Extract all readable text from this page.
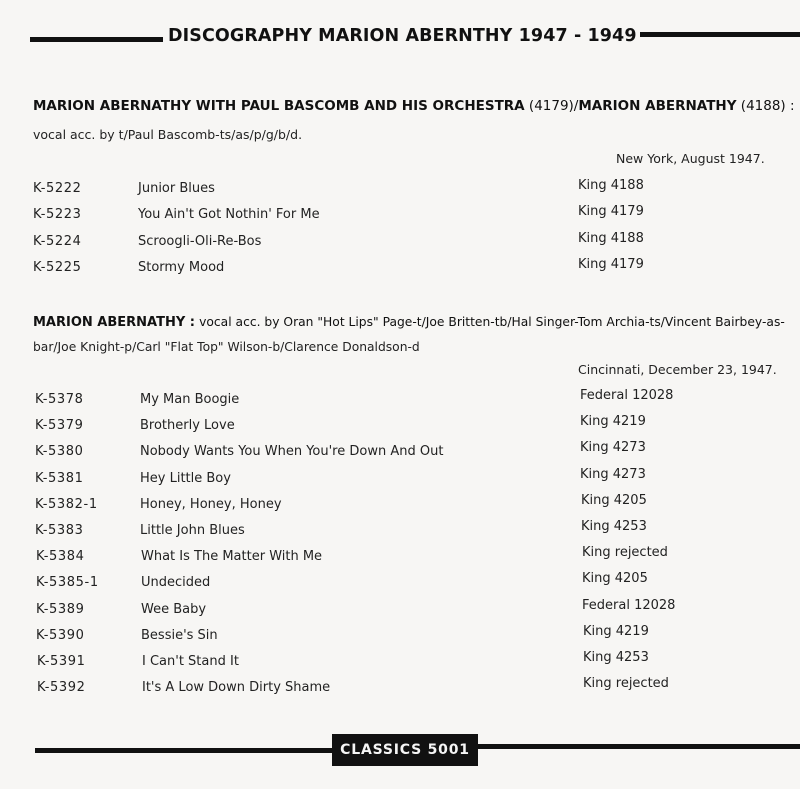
DISCOGRAPHY MARION ABERNTHY 1947 - 1949
MARION ABERNATHY WITH PAUL BASCOMB AND HIS ORCHESTRA (4179)/MARION ABERNATHY (4188) :
vocal acc. by t/Paul Bascomb-ts/as/p/g/b/d.
New York, August 1947.
K-5222	Junior Blues	King 4188
K-5223	You Ain't Got Nothin' For Me	King 4179
K-5224	Scroogli-Oli-Re-Bos	King 4188
K-5225	Stormy Mood	King 4179
MARION ABERNATHY : vocal acc. by Oran "Hot Lips" Page-t/Joe Britten-tb/Hal Singer-Tom Archia-ts/Vincent Bairbey-as-
bar/Joe Knight-p/Carl "Flat Top" Wilson-b/Clarence Donaldson-d
Cincinnati, December 23, 1947.
K-5378	My Man Boogie	Federal 12028
K-5379	Brotherly Love	King 4219
K-5380	Nobody Wants You When You're Down And Out	King 4273
K-5381	Hey Little Boy	King 4273
K-5382-1	Honey, Honey, Honey	King 4205
K-5383	Little John Blues	King 4253
K-5384	What Is The Matter With Me	King rejected
K-5385-1	Undecided	King 4205
K-5389	Wee Baby	Federal 12028
K-5390	Bessie's Sin	King 4219
K-5391	I Can't Stand It	King 4253
K-5392	It's A Low Down Dirty Shame	King rejected
CLASSICS 5001
